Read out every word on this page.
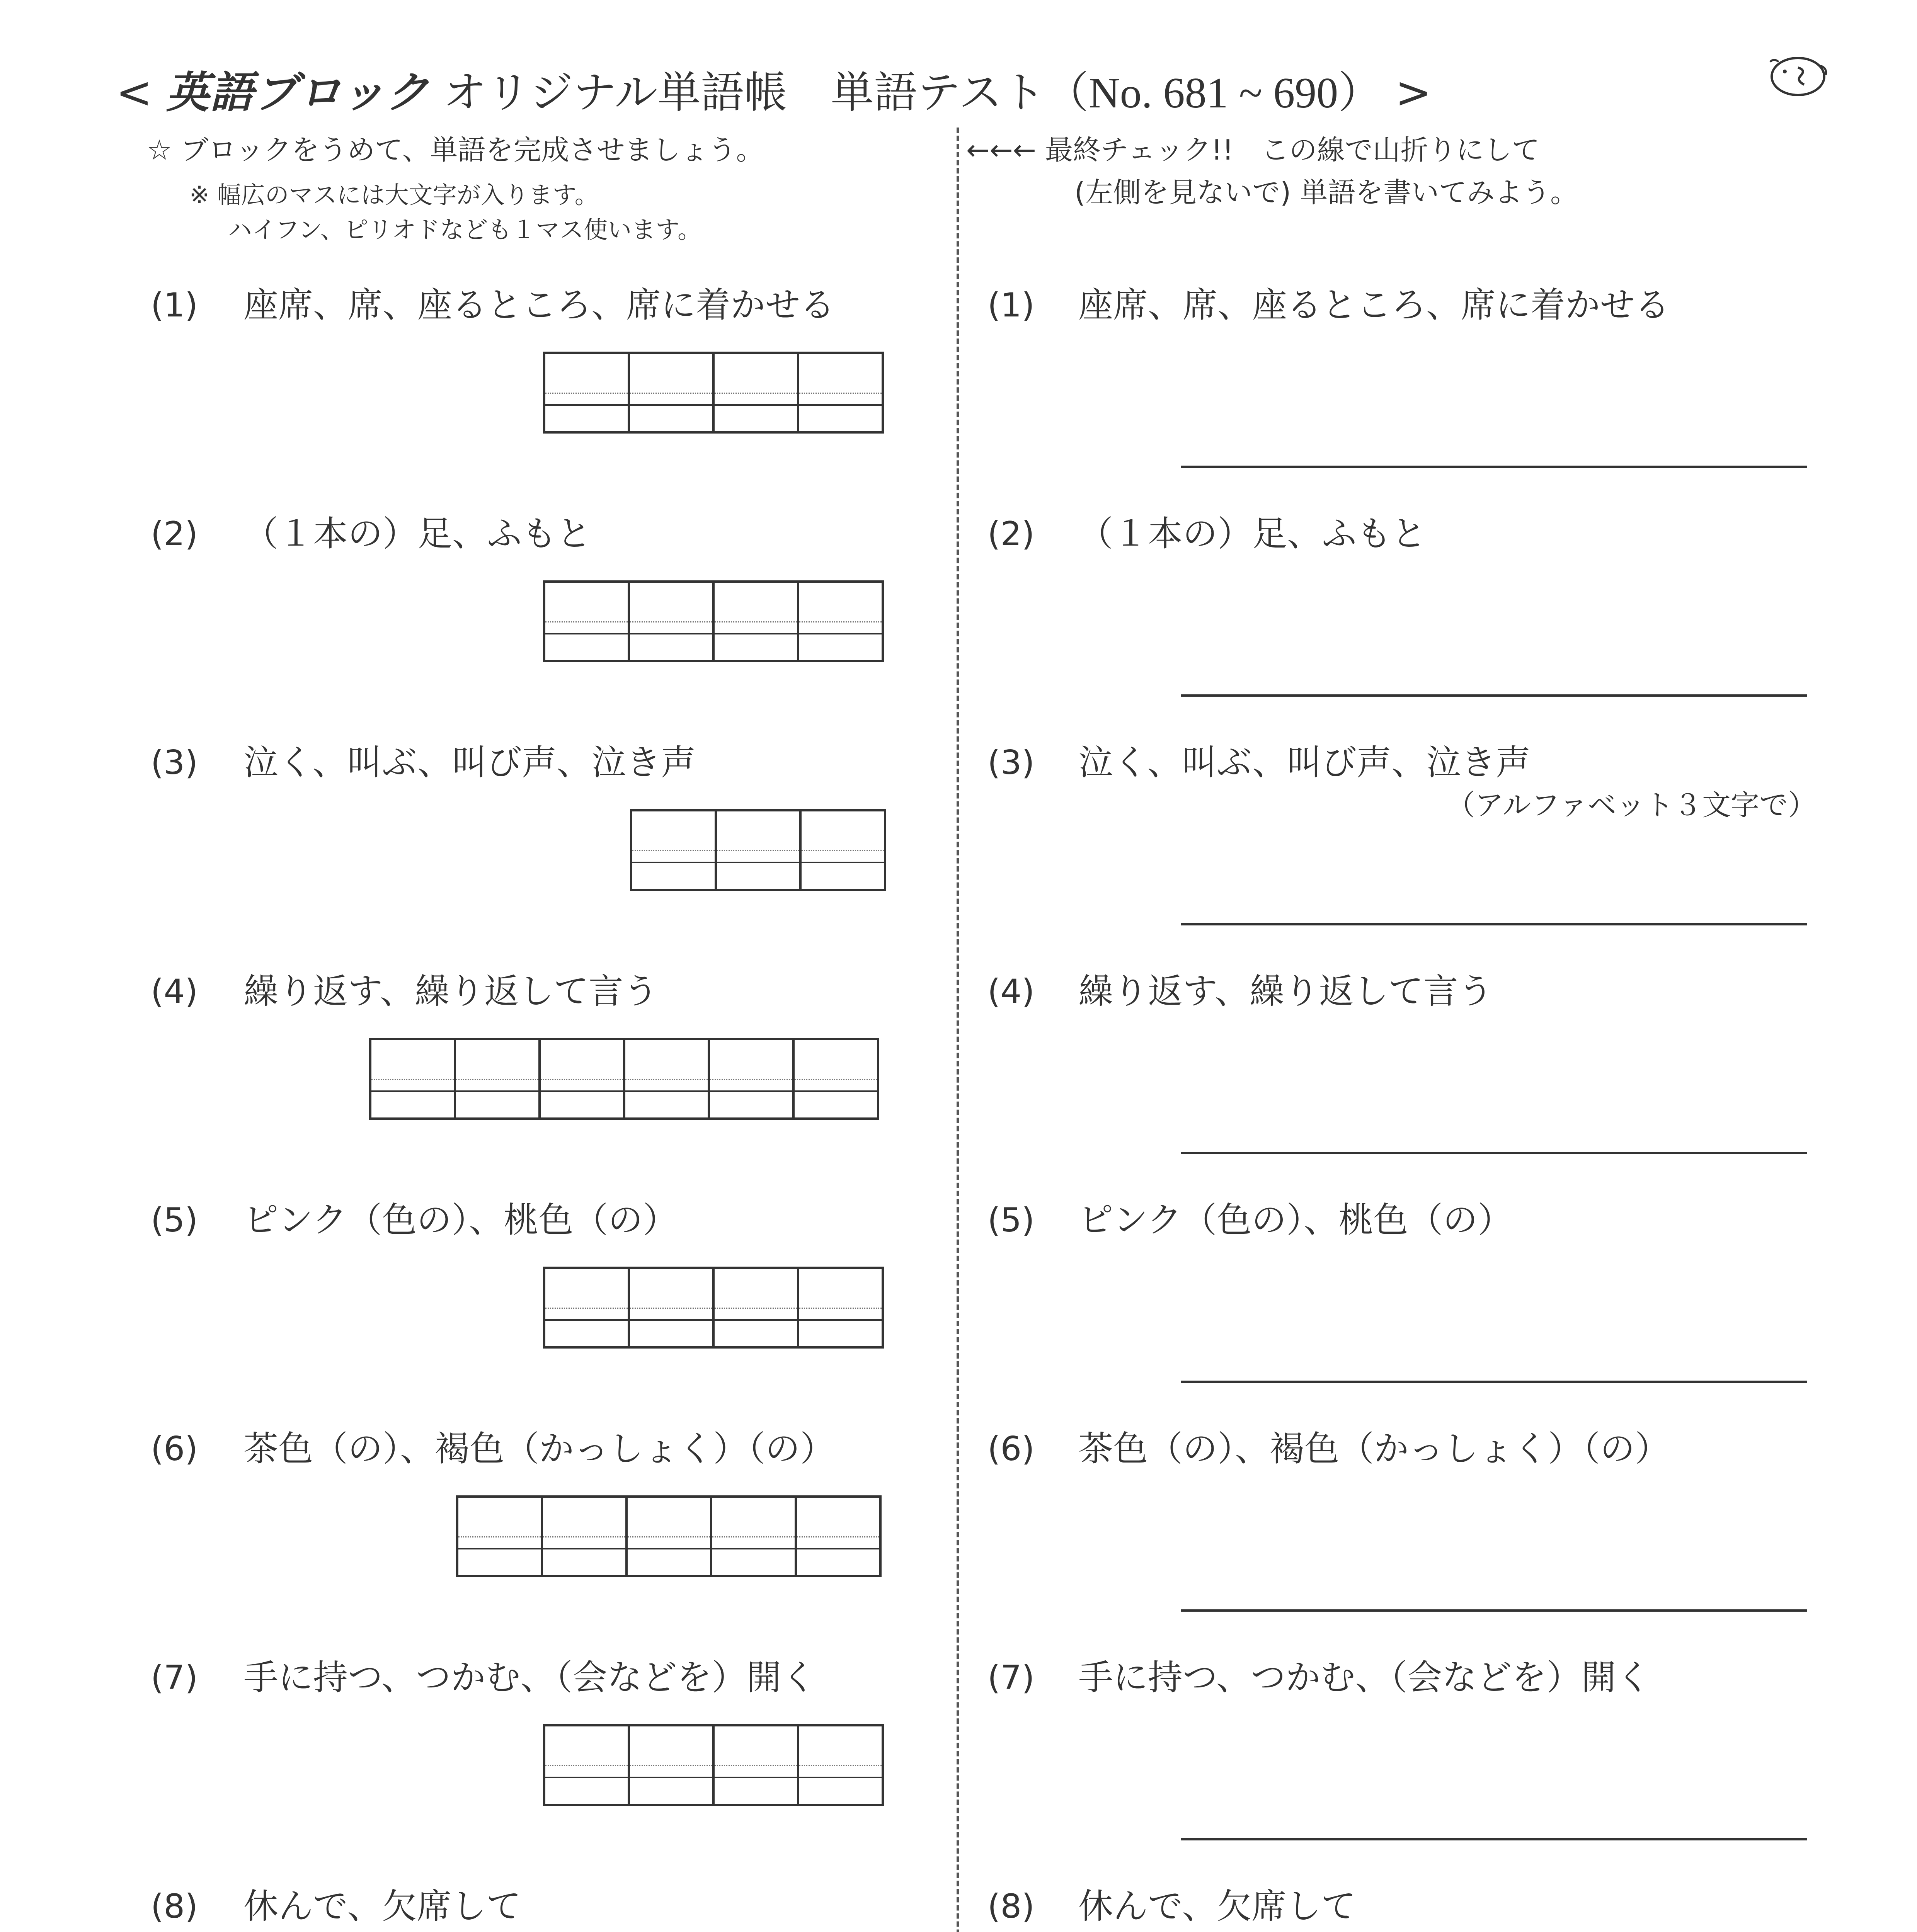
< 英語ブロック オリジナル単語帳　単語テスト（No. 681 ~ 690） >
☆ ブロックをうめて、単語を完成させましょう。
※ 幅広のマスには大文字が入ります。
ハイフン、ピリオドなども１マス使います。
←←← 最終チェック!!　この線で山折りにして
(左側を見ないで) 単語を書いてみよう。
(1) 座席、席、座るところ、席に着かせる	(1) 座席、席、座るところ、席に着かせる
(2) （１本の）足、ふもと	(2) （１本の）足、ふもと
(3) 泣く、叫ぶ、叫び声、泣き声	(3) 泣く、叫ぶ、叫び声、泣き声
（アルファベット３文字で）
(4) 繰り返す、繰り返して言う	(4) 繰り返す、繰り返して言う
(5) ピンク（色の）、桃色（の）	(5) ピンク（色の）、桃色（の）
(6) 茶色（の）、褐色（かっしょく）（の）	(6) 茶色（の）、褐色（かっしょく）（の）
(7) 手に持つ、つかむ、（会などを）開く	(7) 手に持つ、つかむ、（会などを）開く
(8) 休んで、欠席して	(8) 休んで、欠席して
